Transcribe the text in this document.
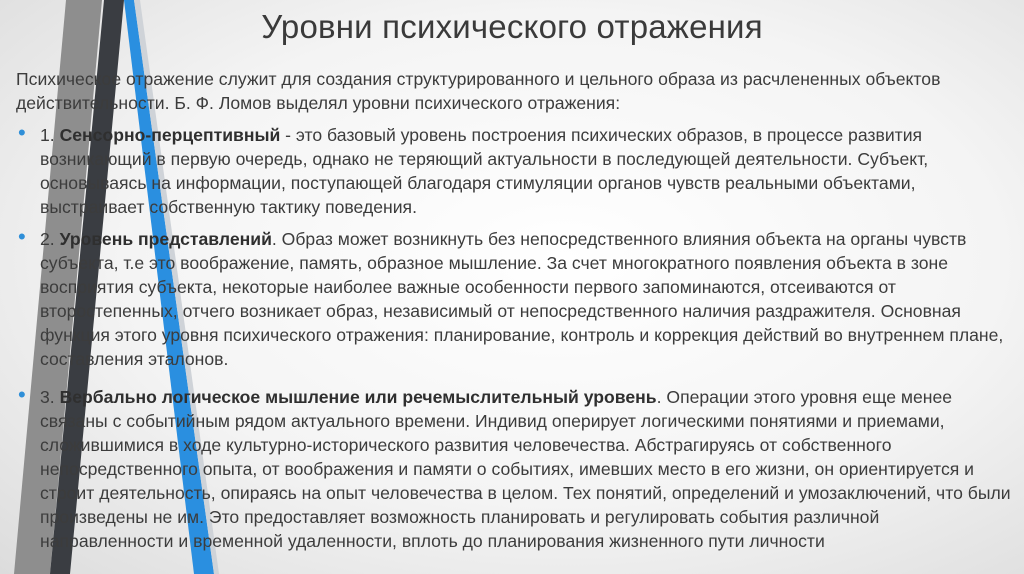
Уровни психического отражения

Психическое отражение служит для создания структурированного и цельного образа из расчлененных объектов действительности. Б. Ф. Ломов выделял уровни психического отражения:

• 1. Сенсорно-перцептивный - это базовый уровень построения психических образов, в процессе развития возникающий в первую очередь, однако не теряющий актуальности в последующей деятельности. Субъект, основываясь на информации, поступающей благодаря стимуляции органов чувств реальными объектами, выстраивает собственную тактику поведения.
• 2. Уровень представлений. Образ может возникнуть без непосредственного влияния объекта на органы чувств субъекта, т.е это воображение, память, образное мышление. За счет многократного появления объекта в зоне восприятия субъекта, некоторые наиболее важные особенности первого запоминаются, отсеиваются от второстепенных, отчего возникает образ, независимый от непосредственного наличия раздражителя. Основная функция этого уровня психического отражения: планирование, контроль и коррекция действий во внутреннем плане, составления эталонов.
• 3. Вербально логическое мышление или речемыслительный уровень. Операции этого уровня еще менее связаны с событийным рядом актуального времени. Индивид оперирует логическими понятиями и приемами, сложившимися в ходе культурно-исторического развития человечества. Абстрагируясь от собственного непосредственного опыта, от воображения и памяти о событиях, имевших место в его жизни, он ориентируется и строит деятельность, опираясь на опыт человечества в целом. Тех понятий, определений и умозаключений, что были произведены не им. Это предоставляет возможность планировать и регулировать события различной направленности и временной удаленности, вплоть до планирования жизненного пути личности
